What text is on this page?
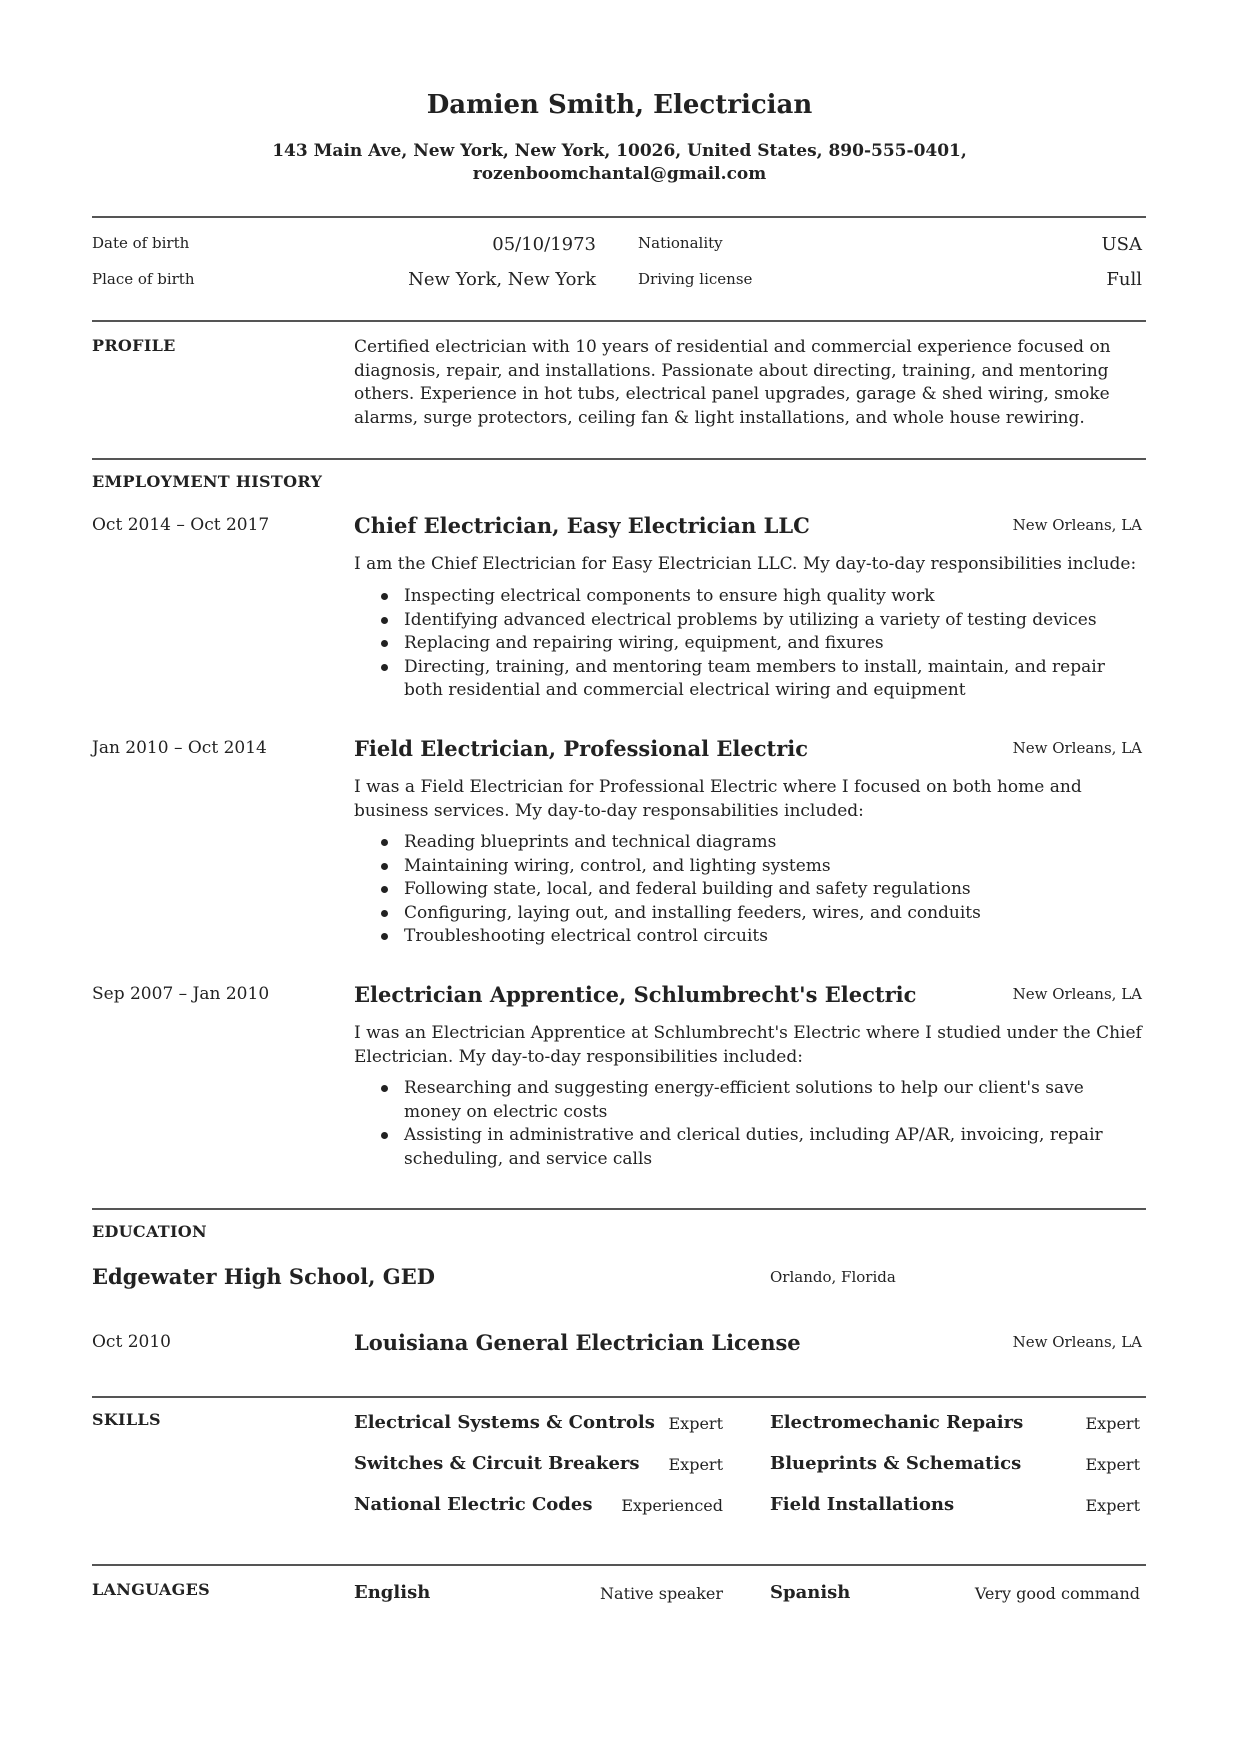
Damien Smith, Electrician
143 Main Ave, New York, New York, 10026, United States, 890-555-0401,
rozenboomchantal@gmail.com
Date of birth	05/10/1973	Nationality	USA
Place of birth	New York, New York	Driving license	Full
PROFILE	Certified electrician with 10 years of residential and commercial experience focused on diagnosis, repair, and installations. Passionate about directing, training, and mentoring others. Experience in hot tubs, electrical panel upgrades, garage & shed wiring, smoke alarms, surge protectors, ceiling fan & light installations, and whole house rewiring.
EMPLOYMENT HISTORY
Oct 2014 – Oct 2017	Chief Electrician, Easy Electrician LLC	New Orleans, LA
I am the Chief Electrician for Easy Electrician LLC. My day-to-day responsibilities include:
Inspecting electrical components to ensure high quality work
Identifying advanced electrical problems by utilizing a variety of testing devices
Replacing and repairing wiring, equipment, and fixures
Directing, training, and mentoring team members to install, maintain, and repair both residential and commercial electrical wiring and equipment
Jan 2010 – Oct 2014	Field Electrician, Professional Electric	New Orleans, LA
I was a Field Electrician for Professional Electric where I focused on both home and business services. My day-to-day responsabilities included:
Reading blueprints and technical diagrams
Maintaining wiring, control, and lighting systems
Following state, local, and federal building and safety regulations
Configuring, laying out, and installing feeders, wires, and conduits
Troubleshooting electrical control circuits
Sep 2007 – Jan 2010	Electrician Apprentice, Schlumbrecht's Electric	New Orleans, LA
I was an Electrician Apprentice at Schlumbrecht's Electric where I studied under the Chief Electrician. My day-to-day responsibilities included:
Researching and suggesting energy-efficient solutions to help our client's save money on electric costs
Assisting in administrative and clerical duties, including AP/AR, invoicing, repair scheduling, and service calls
EDUCATION
Edgewater High School, GED	Orlando, Florida
Oct 2010	Louisiana General Electrician License	New Orleans, LA
SKILLS	Electrical Systems & Controls Expert	Electromechanic Repairs	Expert
Switches & Circuit Breakers	Expert	Blueprints & Schematics	Expert
National Electric Codes	Experienced	Field Installations	Expert
LANGUAGES	English	Native speaker	Spanish	Very good command
